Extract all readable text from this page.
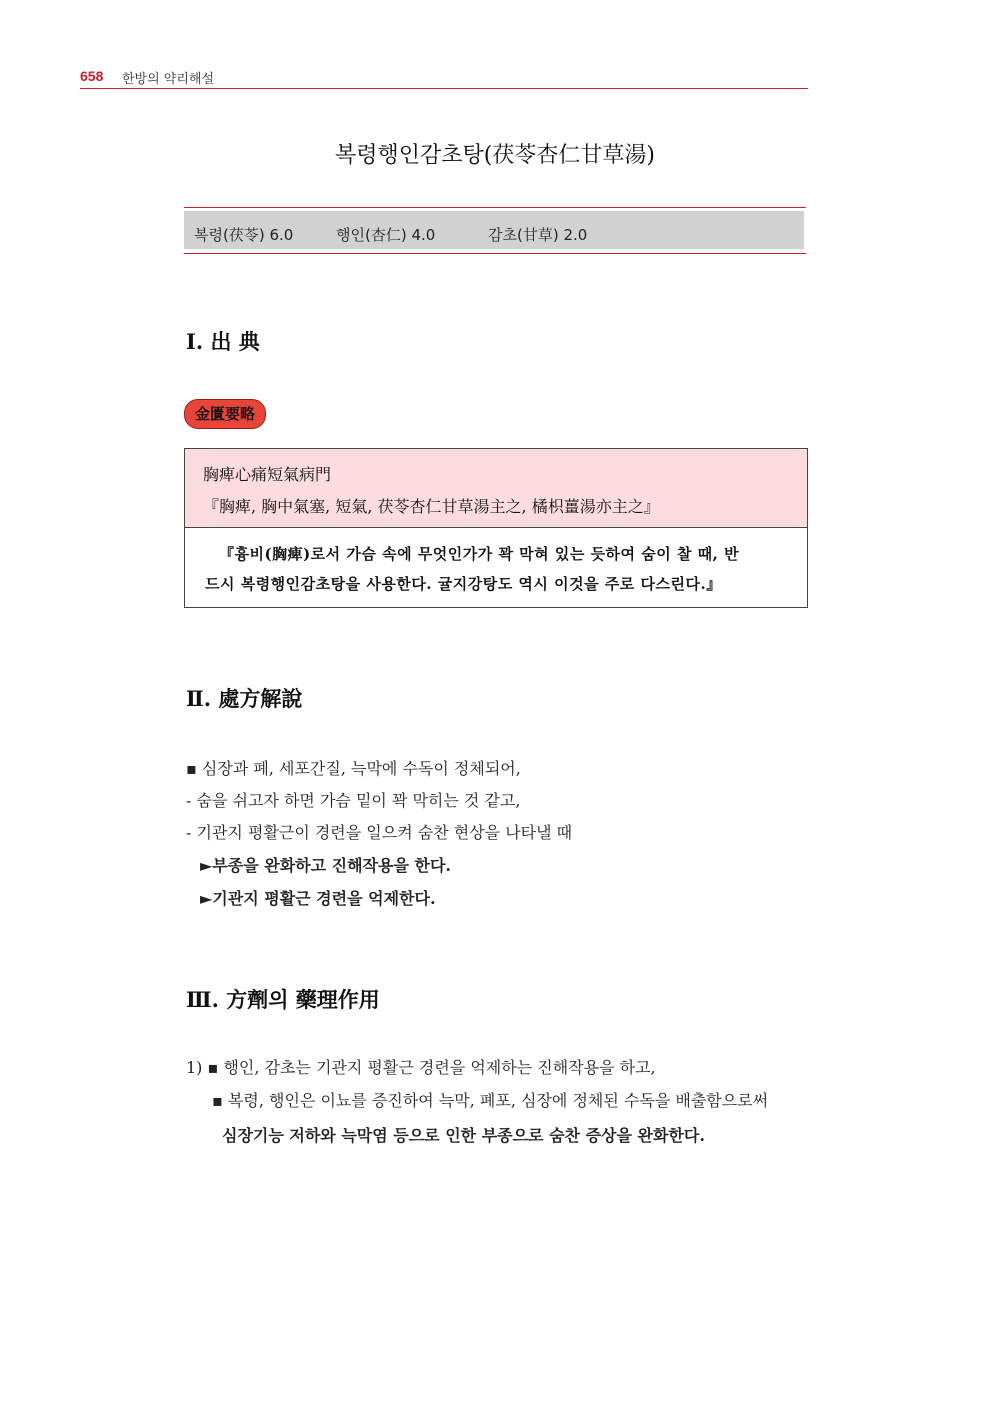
658 한방의 약리해설
복령행인감초탕(茯苓杏仁甘草湯)
복령(茯苓) 6.0	행인(杏仁) 4.0	감초(甘草) 2.0
Ⅰ. 出 典
金匱要略
胸痺心痛短氣病門
『胸痺, 胸中氣塞, 短氣, 茯苓杏仁甘草湯主之, 橘枳薑湯亦主之』
『흉비(胸痺)로서 가슴 속에 무엇인가가 꽉 막혀 있는 듯하여 숨이 찰 때, 반
드시 복령행인감초탕을 사용한다. 귤지강탕도 역시 이것을 주로 다스린다.』
Ⅱ. 處方解說
▪ 심장과 폐, 세포간질, 늑막에 수독이 정체되어,
- 숨을 쉬고자 하면 가슴 밑이 꽉 막히는 것 같고,
- 기관지 평활근이 경련을 일으켜 숨찬 현상을 나타낼 때
►부종을 완화하고 진해작용을 한다.
►기관지 평활근 경련을 억제한다.
Ⅲ. 方劑의 藥理作用
1) ▪ 행인, 감초는 기관지 평활근 경련을 억제하는 진해작용을 하고,
▪ 복령, 행인은 이뇨를 증진하여 늑막, 폐포, 심장에 정체된 수독을 배출함으로써
심장기능 저하와 늑막염 등으로 인한 부종으로 숨찬 증상을 완화한다.
